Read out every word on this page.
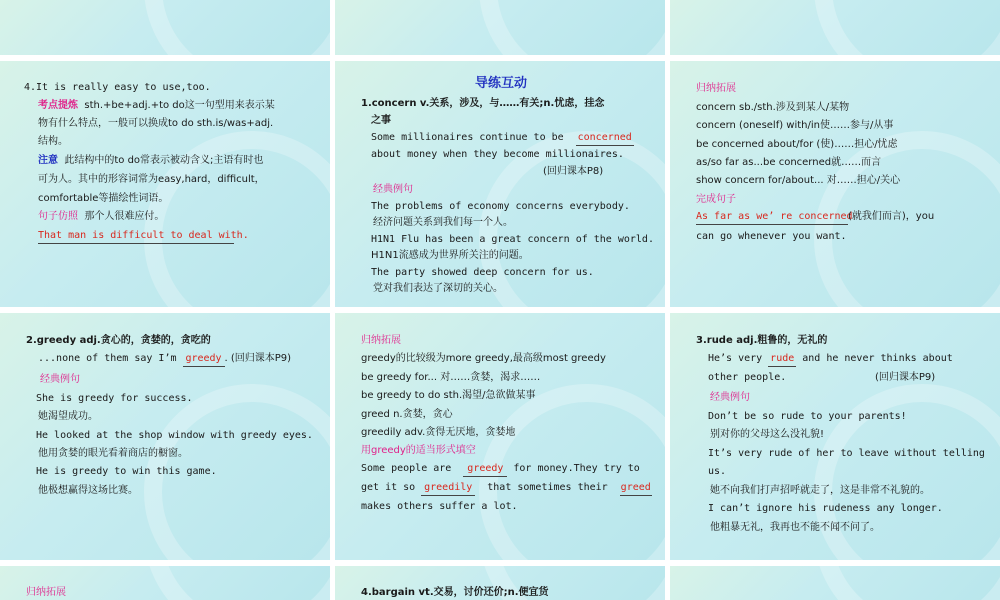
4.It is really easy to use,too.
考点提炼 sth.+be+adj.+to do这一句型用来表示某
物有什么特点，一般可以换成to do sth.is/was+adj.
结构。
注意 此结构中的to do常表示被动含义;主语有时也
可为人。其中的形容词常为easy,hard，difficult，
comfortable等描绘性词语。
句子仿照 那个人很难应付。
That man is difficult to deal with.
导练互动
1.concern v.关系，涉及，与……有关;n.忧虑，挂念
之事
Some millionaires continue to be concerned
about money when they become millionaires.
(回归课本P8)
经典例句
The problems of economy concerns everybody.
经济问题关系到我们每一个人。
H1N1 Flu has been a great concern of the world.
H1N1流感成为世界所关注的问题。
The party showed deep concern for us.
党对我们表达了深切的关心。
归纳拓展
concern sb./sth.涉及到某人/某物
concern (oneself) with/in使……参与/从事
be concerned about/for (使)……担心/忧虑
as/so far as...be concerned就……而言
show concern for/about... 对……担心/关心
完成句子
As far as we’ re concerned(就我们而言)，you
can go whenever you want.
2.greedy adj.贪心的，贪婪的，贪吃的
...none of them say I’m greedy . (回归课本P9)
经典例句
She is greedy for success.
她渴望成功。
He looked at the shop window with greedy eyes.
他用贪婪的眼光看着商店的橱窗。
He is greedy to win this game.
他极想赢得这场比赛。
归纳拓展
greedy的比较级为more greedy,最高级most greedy
be greedy for... 对……贪婪，渴求……
be greedy to do sth.渴望/急欲做某事
greed n.贪婪，贪心
greedily adv.贪得无厌地，贪婪地
用greedy的适当形式填空
Some people are greedy for money.They try to
get it so greedily that sometimes their greed
makes others suffer a lot.
3.rude adj.粗鲁的，无礼的
He’s very rude and he never thinks about
other people.	(回归课本P9)
经典例句
Don’t be so rude to your parents!
别对你的父母这么没礼貌!
It’s very rude of her to leave without telling
us.
她不向我们打声招呼就走了，这是非常不礼貌的。
I can’t ignore his rudeness any longer.
他粗暴无礼，我再也不能不闻不问了。
归纳拓展	4.bargain vt.交易，讨价还价;n.便宜货
